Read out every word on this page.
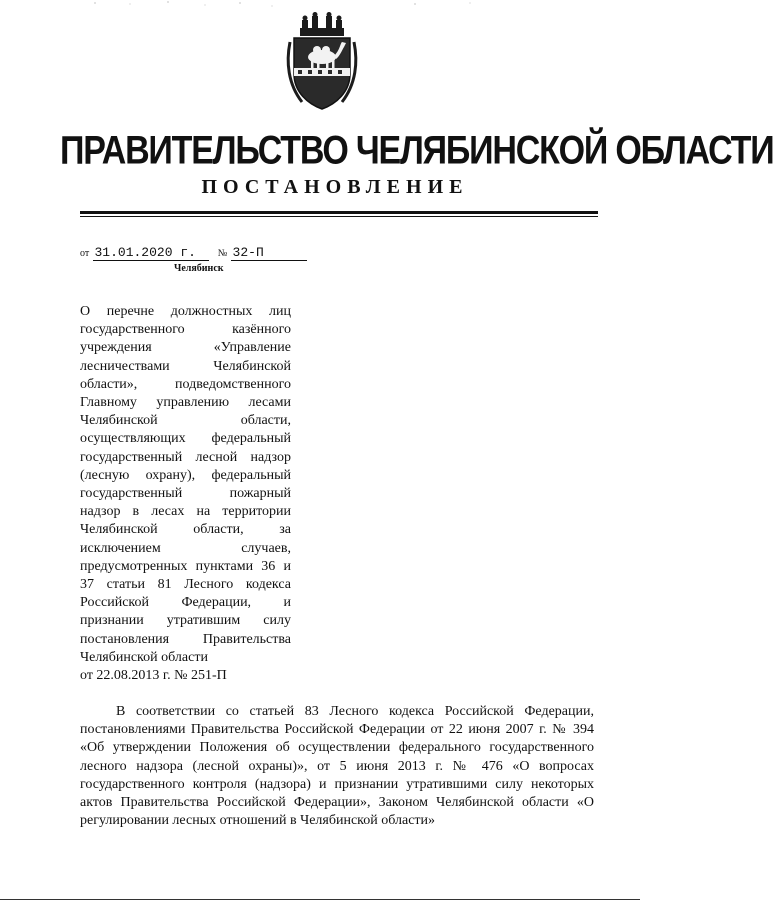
ПРАВИТЕЛЬСТВО ЧЕЛЯБИНСКОЙ ОБЛАСТИ
ПОСТАНОВЛЕНИЕ
от 31.01.2020 г. № 32-П
Челябинск
О перечне должностных лиц государственного казённого учреждения «Управление лесничествами Челябинской области», подведомственного Главному управлению лесами Челябинской области, осуществляющих федеральный государственный лесной надзор (лесную охрану), федеральный государственный пожарный надзор в лесах на территории Челябинской области, за исключением случаев, предусмотренных пунктами 36 и 37 статьи 81 Лесного кодекса Российской Федерации, и признании утратившим силу постановления Правительства Челябинской области
от 22.08.2013 г. № 251-П
В соответствии со статьей 83 Лесного кодекса Российской Федерации, постановлениями Правительства Российской Федерации от 22 июня 2007 г. № 394 «Об утверждении Положения об осуществлении федерального государственного лесного надзора (лесной охраны)», от 5 июня 2013 г. № 476 «О вопросах государственного контроля (надзора) и признании утратившими силу некоторых актов Правительства Российской Федерации», Законом Челябинской области «О регулировании лесных отношений в Челябинской области»
